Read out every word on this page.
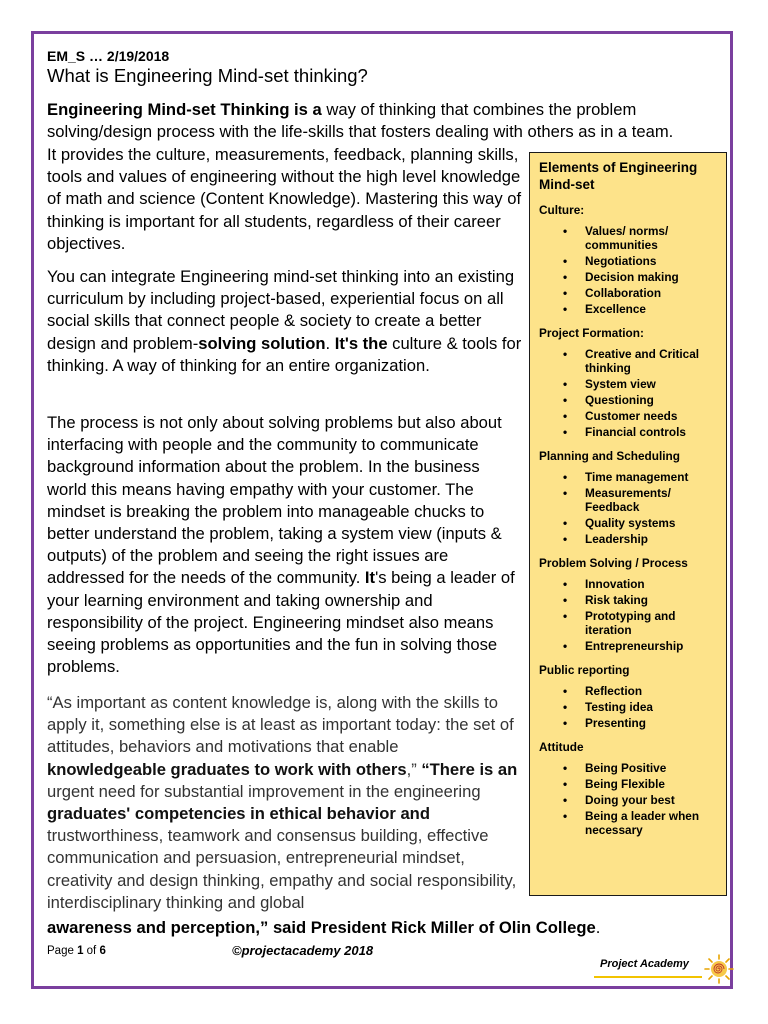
EM_S … 2/19/2018
What is Engineering Mind-set thinking?
Engineering Mind-set Thinking is a way of thinking that combines the problem solving/design process with the life-skills that fosters dealing with others as in a team.
It provides the culture, measurements, feedback, planning skills, tools and values of engineering without the high level knowledge of math and science (Content Knowledge). Mastering this way of thinking is important for all students, regardless of their career objectives.
You can integrate Engineering mind-set thinking into an existing curriculum by including project-based, experiential focus on all social skills that connect people & society to create a better design and problem-solving solution. It's the culture & tools for thinking. A way of thinking for an entire organization.
The process is not only about solving problems but also about interfacing with people and the community to communicate background information about the problem. In the business world this means having empathy with your customer. The mindset is breaking the problem into manageable chucks to better understand the problem, taking a system view (inputs & outputs) of the problem and seeing the right issues are addressed for the needs of the community. It's being a leader of your learning environment and taking ownership and responsibility of the project. Engineering mindset also means seeing problems as opportunities and the fun in solving those problems.
“As important as content knowledge is, along with the skills to apply it, something else is at least as important today: the set of attitudes, behaviors and motivations that enable knowledgeable graduates to work with others,” “There is an urgent need for substantial improvement in the engineering graduates' competencies in ethical behavior and trustworthiness, teamwork and consensus building, effective communication and persuasion, entrepreneurial mindset, creativity and design thinking, empathy and social responsibility, interdisciplinary thinking and global
awareness and perception,” said President Rick Miller of Olin College.
Elements of Engineering Mind-set
Culture:
• Values/ norms/ communities
• Negotiations
• Decision making
• Collaboration
• Excellence
Project Formation:
• Creative and Critical thinking
• System view
• Questioning
• Customer needs
• Financial controls
Planning and Scheduling
• Time management
• Measurements/ Feedback
• Quality systems
• Leadership
Problem Solving / Process
• Innovation
• Risk taking
• Prototyping and iteration
• Entrepreneurship
Public reporting
• Reflection
• Testing idea
• Presenting
Attitude
• Being Positive
• Being Flexible
• Doing your best
• Being a leader when necessary
Page 1 of 6	©projectacademy 2018
Project Academy
